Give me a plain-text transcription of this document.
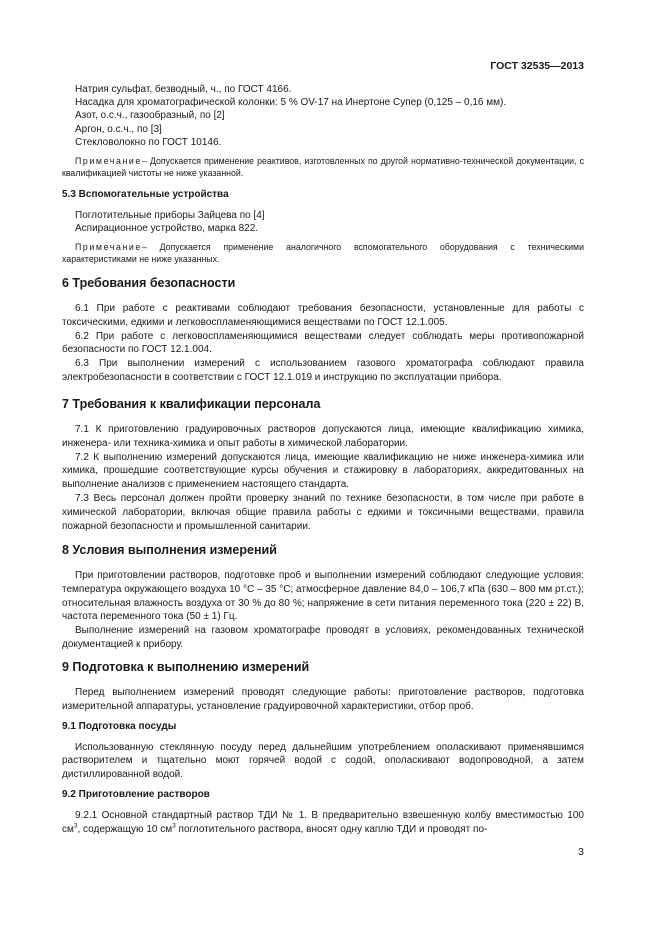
ГОСТ 32535—2013
Натрия сульфат, безводный, ч., по ГОСТ 4166.
Насадка для хроматографической колонки: 5 % OV-17 на Инертоне Супер (0,125 – 0,16 мм).
Азот, о.с.ч., газообразный, по [2]
Аргон, о.с.ч., по [3]
Стекловолокно по ГОСТ 10146.
Примечание– Допускается применение реактивов, изготовленных по другой нормативно-технической документации, с квалификацией чистоты не ниже указанной.
5.3 Вспомогательные устройства
Поглотительные приборы Зайцева по [4]
Аспирационное устройство, марка 822.
Примечание– Допускается применение аналогичного вспомогательного оборудования с техническими характеристиками не ниже указанных.
6 Требования безопасности

6.1 При работе с реактивами соблюдают требования безопасности, установленные для работы с токсическими, едкими и легковоспламеняющимися веществами по ГОСТ 12.1.005.

6.2 При работе с легковоспламеняющимися веществами следует соблюдать меры противопожарной безопасности по ГОСТ 12.1.004.

6.3 При выполнении измерений с использованием газового хроматографа соблюдают правила электробезопасности в соответствии с ГОСТ 12.1.019 и инструкцию по эксплуатации прибора.

7 Требования к квалификации персонала

7.1 К приготовлению градуировочных растворов допускаются лица, имеющие квалификацию химика, инженера- или техника-химика и опыт работы в химической лаборатории.

7.2 К выполнению измерений допускаются лица, имеющие квалификацию не ниже инженера-химика или химика, прошедшие соответствующие курсы обучения и стажировку в лабораториях, аккредитованных на выполнение анализов с применением настоящего стандарта.

7.3 Весь персонал должен пройти проверку знаний по технике безопасности, в том числе при работе в химической лаборатории, включая общие правила работы с едкими и токсичными веществами, правила пожарной безопасности и промышленной санитарии.

8 Условия выполнения измерений

При приготовлении растворов, подготовке проб и выполнении измерений соблюдают следующие условия: температура окружающего воздуха 10 °С – 35 °С; атмосферное давление 84,0 – 106,7 кПа (630 – 800 мм рт.ст.); относительная влажность воздуха от 30 % до 80 %; напряжение в сети питания переменного тока (220 ± 22) В, частота переменного тока (50 ± 1) Гц.

Выполнение измерений на газовом хроматографе проводят в условиях, рекомендованных технической документацией к прибору.

9 Подготовка к выполнению измерений

Перед выполнением измерений проводят следующие работы: приготовление растворов, подготовка измерительной аппаратуры, установление градуировочной характеристики, отбор проб.

9.1 Подготовка посуды

Использованную стеклянную посуду перед дальнейшим употреблением ополаскивают применявшимся растворителем и тщательно моют горячей водой с содой, ополаскивают водопроводной, а затем дистиллированной водой.

9.2 Приготовление растворов

9.2.1 Основной стандартный раствор ТДИ № 1. В предварительно взвешенную колбу вместимостью 100 $см^3$, содержащую 10 $см^3$ поглотительного раствора, вносят одну каплю ТДИ и проводят по-

3
